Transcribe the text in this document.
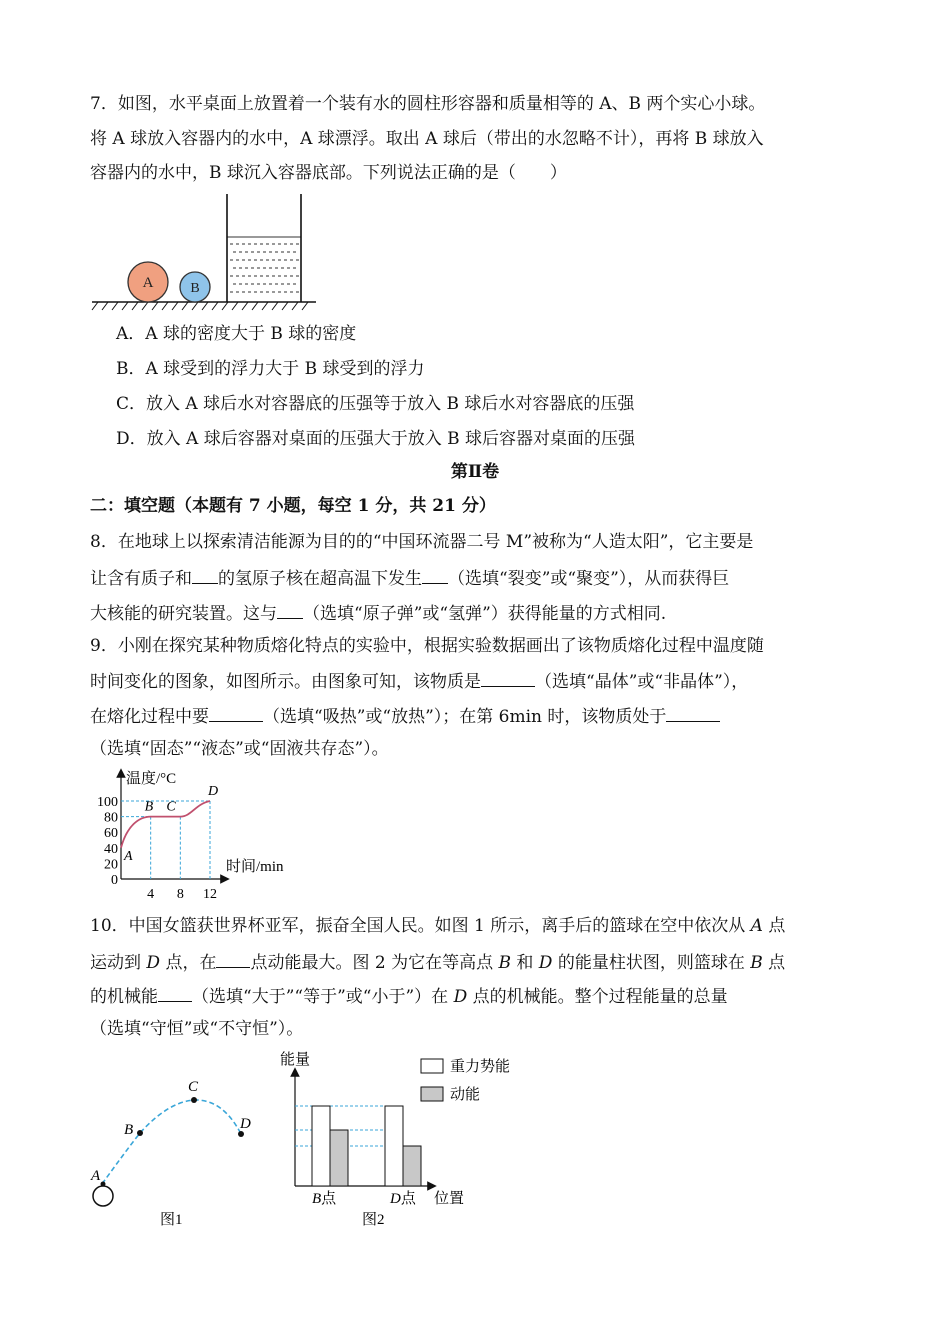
7．如图，水平桌面上放置着一个装有水的圆柱形容器和质量相等的 A、B 两个实心小球。
将 A 球放入容器内的水中，A 球漂浮。取出 A 球后（带出的水忽略不计），再将 B 球放入
容器内的水中，B 球沉入容器底部。下列说法正确的是（　　）
A	B
A．A 球的密度大于 B 球的密度
B．A 球受到的浮力大于 B 球受到的浮力
C．放入 A 球后水对容器底的压强等于放入 B 球后水对容器底的压强
D．放入 A 球后容器对桌面的压强大于放入 B 球后容器对桌面的压强
第Ⅱ卷
二：填空题（本题有 7 小题，每空 1 分，共 21 分）
8．在地球上以探索清洁能源为目的的“中国环流器二号 M”被称为“人造太阳”，它主要是
让含有质子和 的氢原子核在超高温下发生 （选填“裂变”或“聚变”），从而获得巨
大核能的研究装置。这与 （选填“原子弹”或“氢弹”）获得能量的方式相同.
9．小刚在探究某种物质熔化特点的实验中，根据实验数据画出了该物质熔化过程中温度随
时间变化的图象，如图所示。由图象可知，该物质是	（选填“晶体”或“非晶体”），
在熔化过程中要	（选填“吸热”或“放热”）；在第 6min 时，该物质处于
（选填“固态”“液态”或“固液共存态”）。
温度/°C
时间/min
0
20
40
60
80
100
4 8 12
A
B C
D
10．中国女篮获世界杯亚军，振奋全国人民。如图 1 所示，离手后的篮球在空中依次从 A 点
运动到 D 点，在 点动能最大。图 2 为它在等高点 B 和 D 的能量柱状图，则篮球在 B 点
的机械能 （选填“大于”“等于”或“小于”）在 D 点的机械能。整个过程能量的总量
（选填“守恒”或“不守恒”）。
A
B
C
D
图1
能量
位置
重力势能
动能
B点	D点
图2
